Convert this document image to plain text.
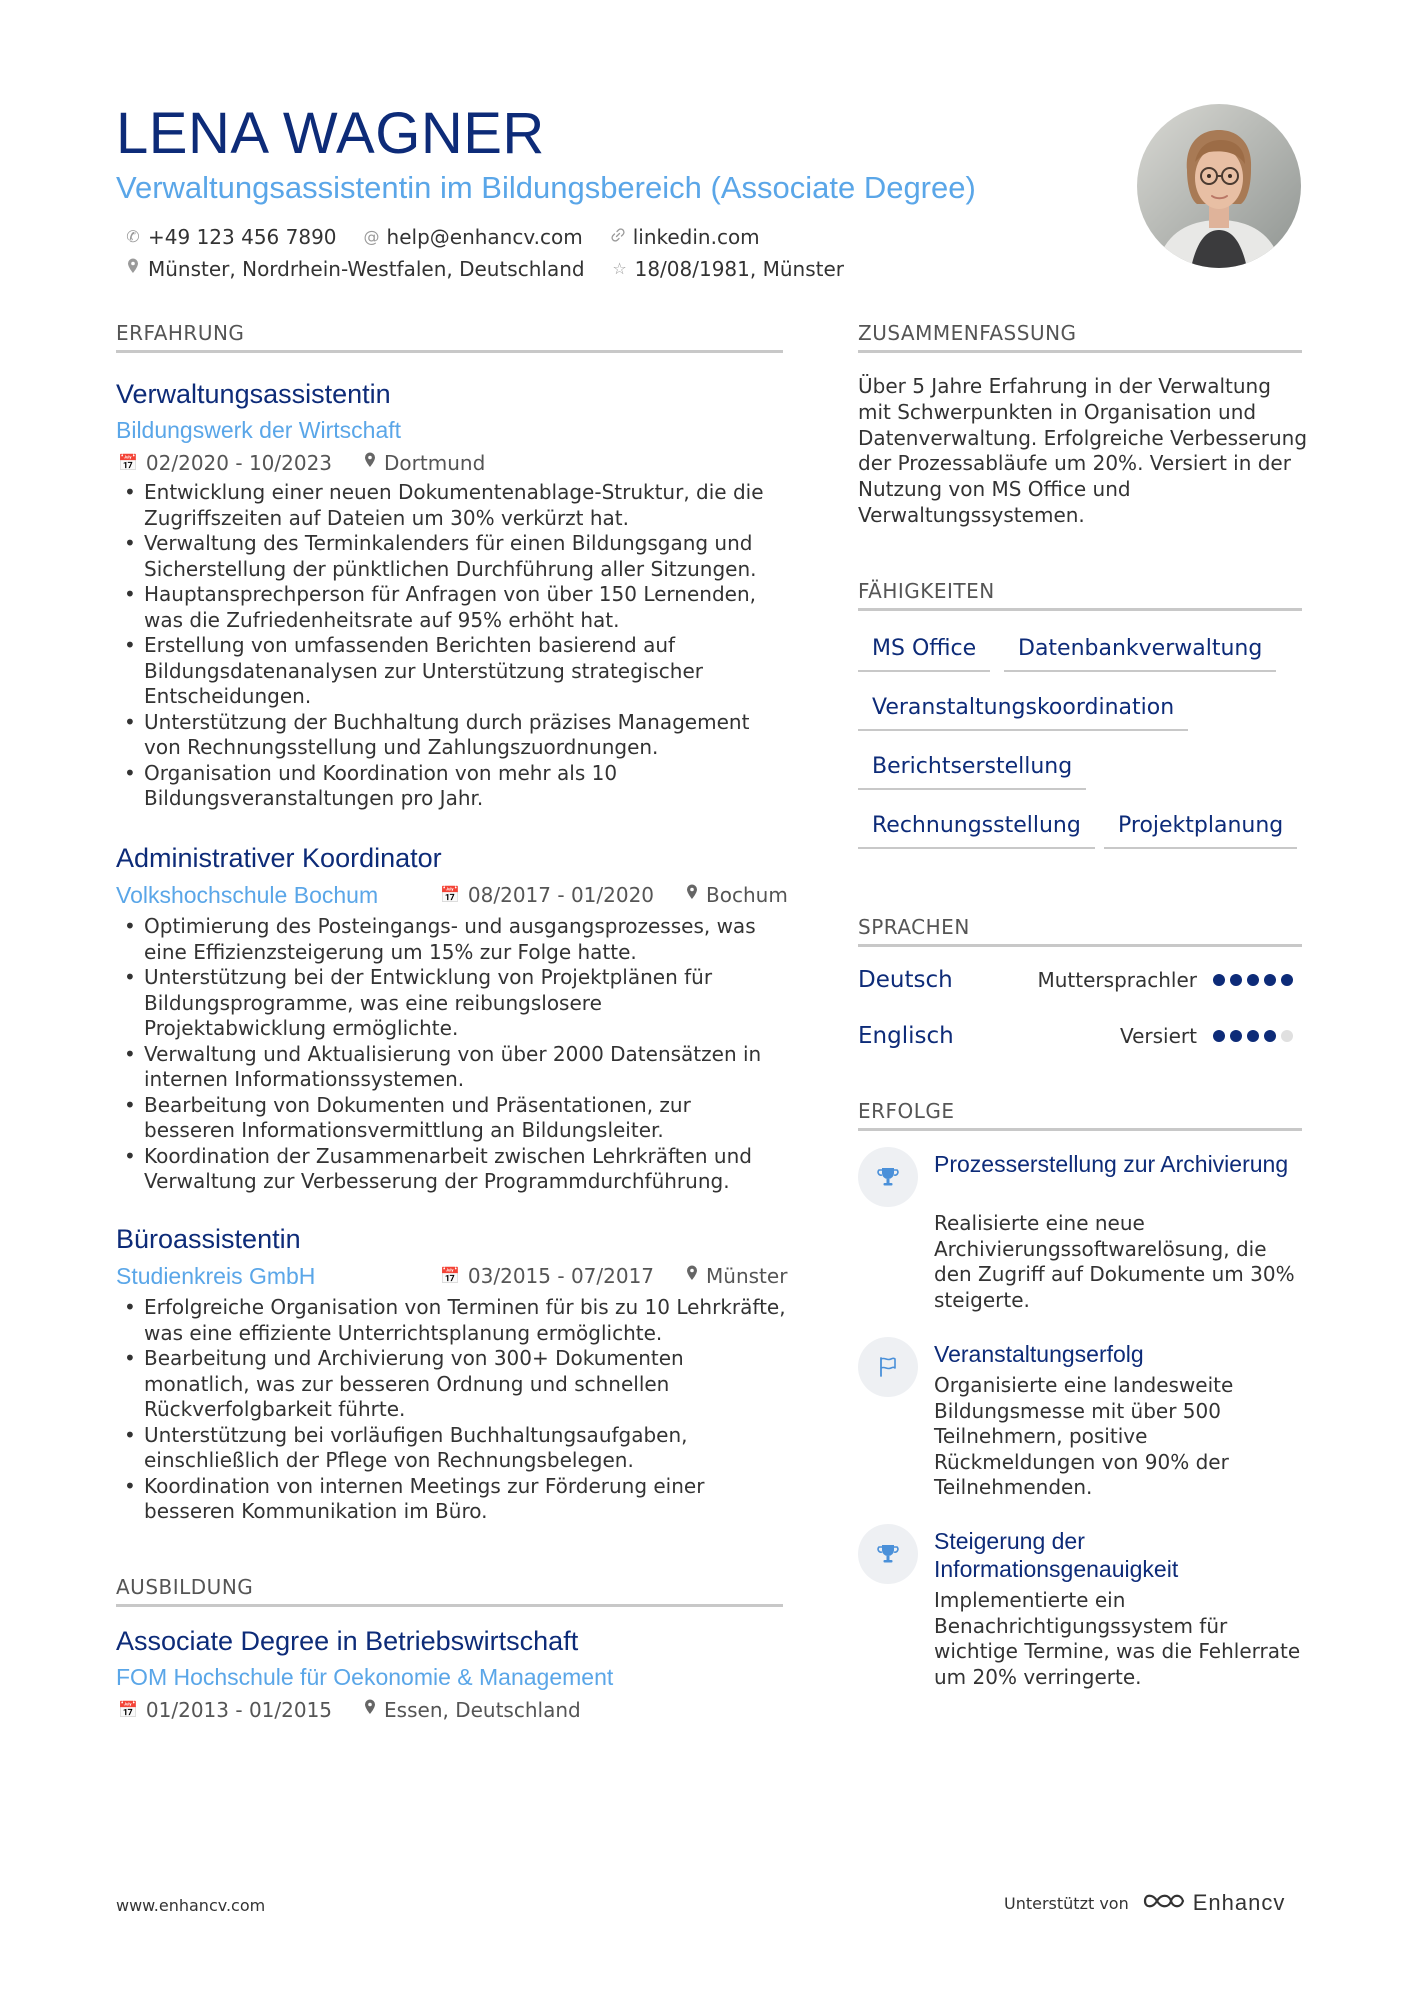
LENA WAGNER

Verwaltungsassistentin im Bildungsbereich (Associate Degree)

✆ +49 123 456 7890 @ help@enhancv.com	linkedin.com
Münster, Nordrhein-Westfalen, Deutschland ☆ 18/08/1981, Münster
ERFAHRUNG
Verwaltungsassistentin
Bildungswerk der Wirtschaft
📅 02/2020 - 10/2023	Dortmund
• Entwicklung einer neuen Dokumentenablage-Struktur, die die Zugriffszeiten auf Dateien um 30% verkürzt hat.
• Verwaltung des Terminkalenders für einen Bildungsgang und Sicherstellung der pünktlichen Durchführung aller Sitzungen.
• Hauptansprechperson für Anfragen von über 150 Lernenden, was die Zufriedenheitsrate auf 95% erhöht hat.
• Erstellung von umfassenden Berichten basierend auf Bildungsdatenanalysen zur Unterstützung strategischer Entscheidungen.
• Unterstützung der Buchhaltung durch präzises Management von Rechnungsstellung und Zahlungszuordnungen.
• Organisation und Koordination von mehr als 10 Bildungsveranstaltungen pro Jahr.
Administrativer Koordinator
Volkshochschule Bochum	📅 08/2017 - 01/2020	Bochum
• Optimierung des Posteingangs- und ausgangsprozesses, was eine Effizienzsteigerung um 15% zur Folge hatte.
• Unterstützung bei der Entwicklung von Projektplänen für Bildungsprogramme, was eine reibungslosere Projektabwicklung ermöglichte.
• Verwaltung und Aktualisierung von über 2000 Datensätzen in internen Informationssystemen.
• Bearbeitung von Dokumenten und Präsentationen, zur besseren Informationsvermittlung an Bildungsleiter.
• Koordination der Zusammenarbeit zwischen Lehrkräften und Verwaltung zur Verbesserung der Programmdurchführung.
Büroassistentin
Studienkreis GmbH	📅 03/2015 - 07/2017	Münster
• Erfolgreiche Organisation von Terminen für bis zu 10 Lehrkräfte, was eine effiziente Unterrichtsplanung ermöglichte.
• Bearbeitung und Archivierung von 300+ Dokumenten monatlich, was zur besseren Ordnung und schnellen Rückverfolgbarkeit führte.
• Unterstützung bei vorläufigen Buchhaltungsaufgaben, einschließlich der Pflege von Rechnungsbelegen.
• Koordination von internen Meetings zur Förderung einer besseren Kommunikation im Büro.
AUSBILDUNG
Associate Degree in Betriebswirtschaft
FOM Hochschule für Oekonomie & Management
📅 01/2013 - 01/2015	Essen, Deutschland
ZUSAMMENFASSUNG

Über 5 Jahre Erfahrung in der Verwaltung mit Schwerpunkten in Organisation und Datenverwaltung. Erfolgreiche Verbesserung der Prozessabläufe um 20%. Versiert in der Nutzung von MS Office und Verwaltungssystemen.

FÄHIGKEITEN
MS Office	Datenbankverwaltung
Veranstaltungskoordination
Berichtserstellung
Rechnungsstellung	Projektplanung
SPRACHEN
Deutsch	Muttersprachler
Englisch	Versiert
ERFOLGE

Prozesserstellung zur Archivierung

Realisierte eine neue Archivierungssoftwarelösung, die den Zugriff auf Dokumente um 30% steigerte.

Veranstaltungserfolg

Organisierte eine landesweite Bildungsmesse mit über 500 Teilnehmern, positive Rückmeldungen von 90% der Teilnehmenden.

Steigerung der Informationsgenauigkeit

Implementierte ein Benachrichtigungssystem für wichtige Termine, was die Fehlerrate um 20% verringerte.

www.enhancv.com	Unterstützt von	Enhancv
